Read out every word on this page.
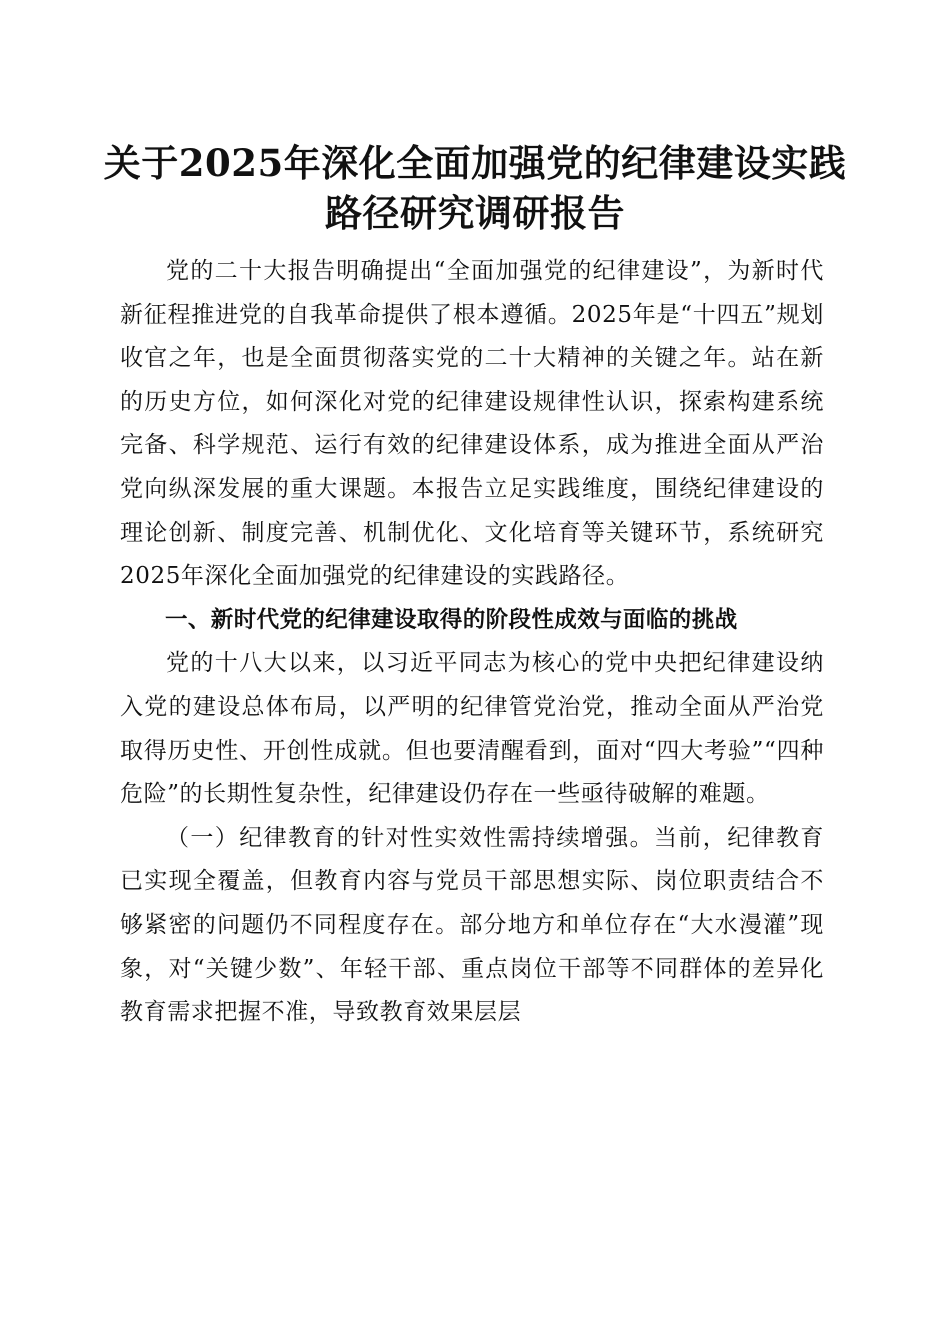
关于2025年深化全面加强党的纪律建设实践
路径研究调研报告

党的二十大报告明确提出“全面加强党的纪律建设”，为新时代新征程推进党的自我革命提供了根本遵循。2025年是“十四五”规划收官之年，也是全面贯彻落实党的二十大精神的关键之年。站在新的历史方位，如何深化对党的纪律建设规律性认识，探索构建系统完备、科学规范、运行有效的纪律建设体系，成为推进全面从严治党向纵深发展的重大课题。本报告立足实践维度，围绕纪律建设的理论创新、制度完善、机制优化、文化培育等关键环节，系统研究2025年深化全面加强党的纪律建设的实践路径。

一、新时代党的纪律建设取得的阶段性成效与面临的挑战

党的十八大以来，以习近平同志为核心的党中央把纪律建设纳入党的建设总体布局，以严明的纪律管党治党，推动全面从严治党取得历史性、开创性成就。但也要清醒看到，面对“四大考验”“四种危险”的长期性复杂性，纪律建设仍存在一些亟待破解的难题。

（一）纪律教育的针对性实效性需持续增强。当前，纪律教育已实现全覆盖，但教育内容与党员干部思想实际、岗位职责结合不够紧密的问题仍不同程度存在。部分地方和单位存在“大水漫灌”现象，对“关键少数”、年轻干部、重点岗位干部等不同群体的差异化教育需求把握不准，导致教育效果层层
